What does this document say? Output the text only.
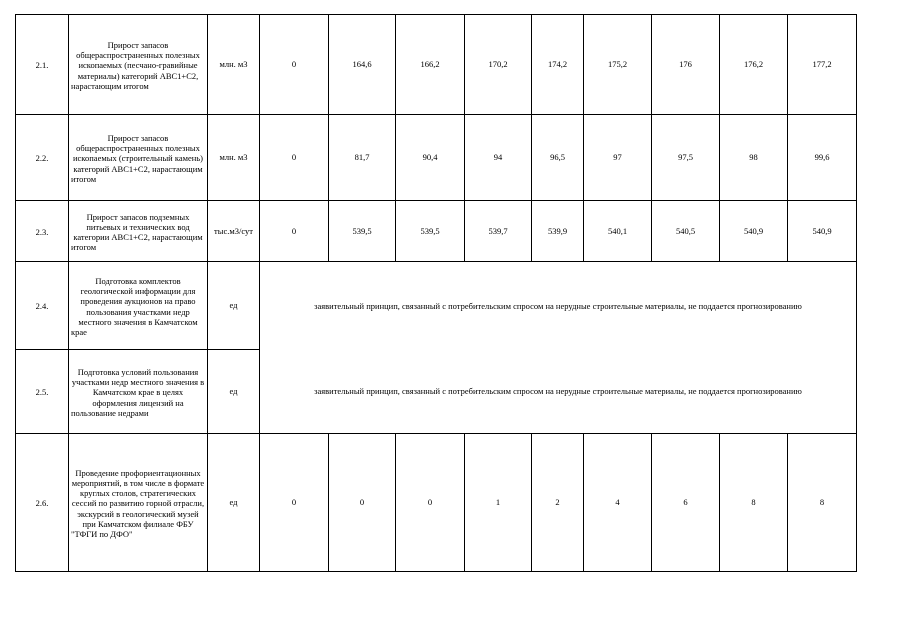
2.1.	Прирост запасов общераспространенных полезных ископаемых (песчано-гравийные материалы) категорий АВС1+С2, нарастающим итогом	млн. м3	0	164,6	166,2	170,2	174,2	175,2	176	176,2	177,2
2.2.	Прирост запасов общераспространенных полезных ископаемых (строительный камень) категорий АВС1+С2, нарастающим итогом	млн. м3	0	81,7	90,4	94	96,5	97	97,5	98	99,6
2.3.	Прирост запасов подземных питьевых и технических вод категории АВС1+С2, нарастающим итогом	тыс.м3/сут	0	539,5	539,5	539,7	539,9	540,1	540,5	540,9	540,9
2.4.	Подготовка комплектов геологической информации для проведения аукционов на право пользования участками недр местного значения в Камчатском крае	ед	заявительный принцип, связанный с потребительским спросом на нерудные строительные материалы, не поддается прогнозированию								
2.5.	Подготовка условий пользования участками недр местного значения в Камчатском крае в целях оформления лицензий на пользование недрами	ед	заявительный принцип, связанный с потребительским спросом на нерудные строительные материалы, не поддается прогнозированию								
2.6.	Проведение профориентационных мероприятий, в том числе в формате круглых столов, стратегических сессий по развитию горной отрасли, экскурсий в геологический музей при Камчатском филиале ФБУ "ТФГИ по ДФО"	ед	0	0	0	1	2	4	6	8	8
